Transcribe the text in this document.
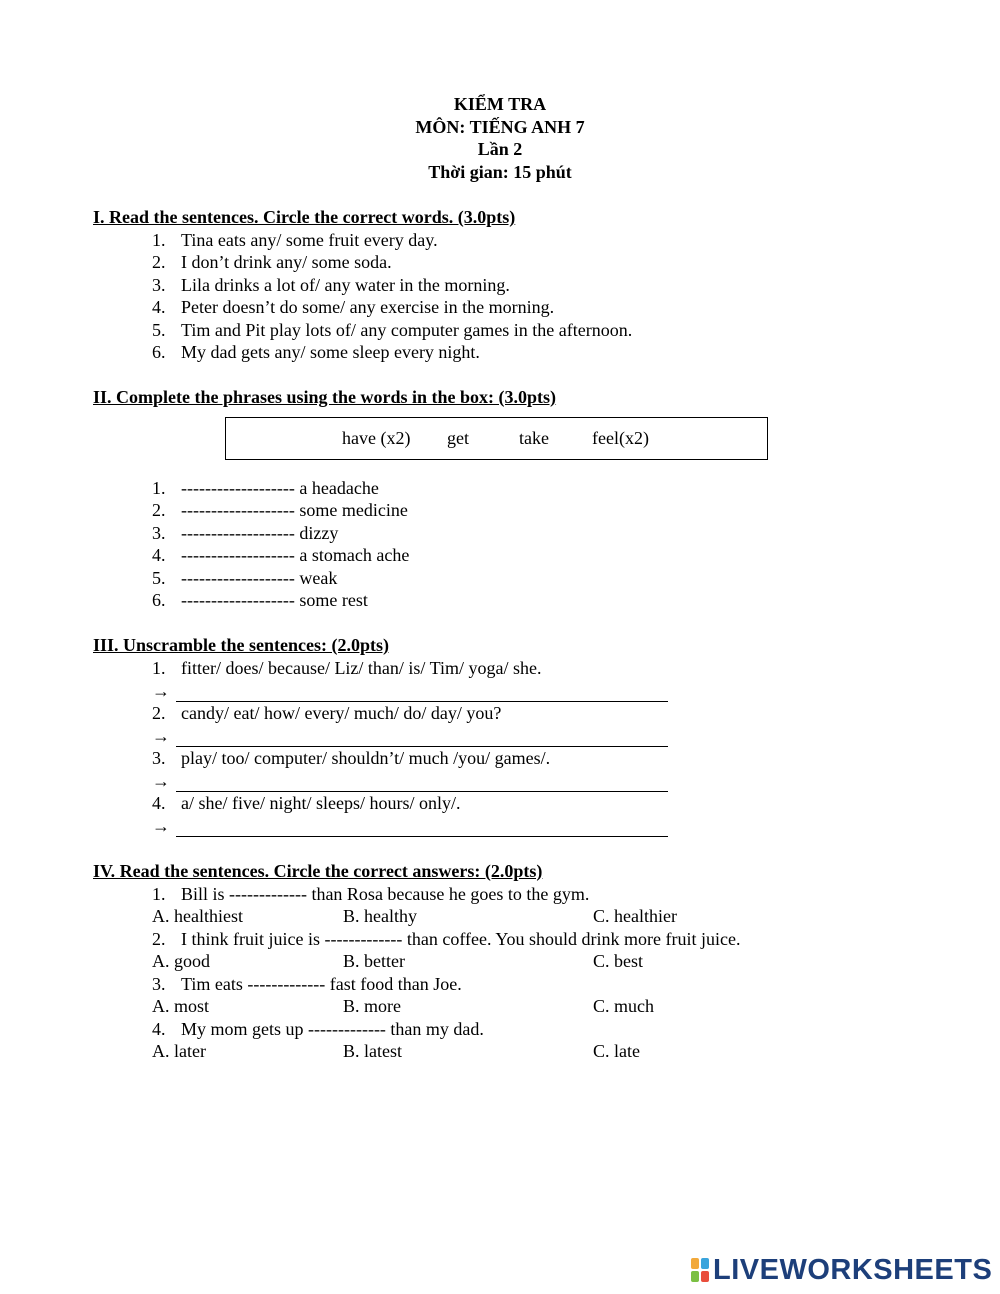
KIỂM TRA
MÔN: TIẾNG ANH 7
Lần 2
Thời gian: 15 phút
I. Read the sentences. Circle the correct words. (3.0pts)
1. Tina eats any/ some fruit every day.
2. I don’t drink any/ some soda.
3. Lila drinks a lot of/ any water in the morning.
4. Peter doesn’t do some/ any exercise in the morning.
5. Tim and Pit play lots of/ any computer games in the afternoon.
6. My dad gets any/ some sleep every night.
II. Complete the phrases using the words in the box: (3.0pts)
have (x2) get	take feel(x2)
1. ------------------- a headache
2. ------------------- some medicine
3. ------------------- dizzy
4. ------------------- a stomach ache
5. ------------------- weak
6. ------------------- some rest
III. Unscramble the sentences: (2.0pts)
1. fitter/ does/ because/ Liz/ than/ is/ Tim/ yoga/ she.
→
2. candy/ eat/ how/ every/ much/ do/ day/ you?
→
3. play/ too/ computer/ shouldn’t/ much /you/ games/.
→
4. a/ she/ five/ night/ sleeps/ hours/ only/.
→
IV. Read the sentences. Circle the correct answers: (2.0pts)
1. Bill is ------------- than Rosa because he goes to the gym.
A. healthiest	B. healthy	C. healthier
2. I think fruit juice is ------------- than coffee. You should drink more fruit juice.
A. good	B. better	C. best
3. Tim eats ------------- fast food than Joe.
A. most	B. more	C. much
4. My mom gets up ------------- than my dad.
A. later	B. latest	C. late
LIVEWORKSHEETS
